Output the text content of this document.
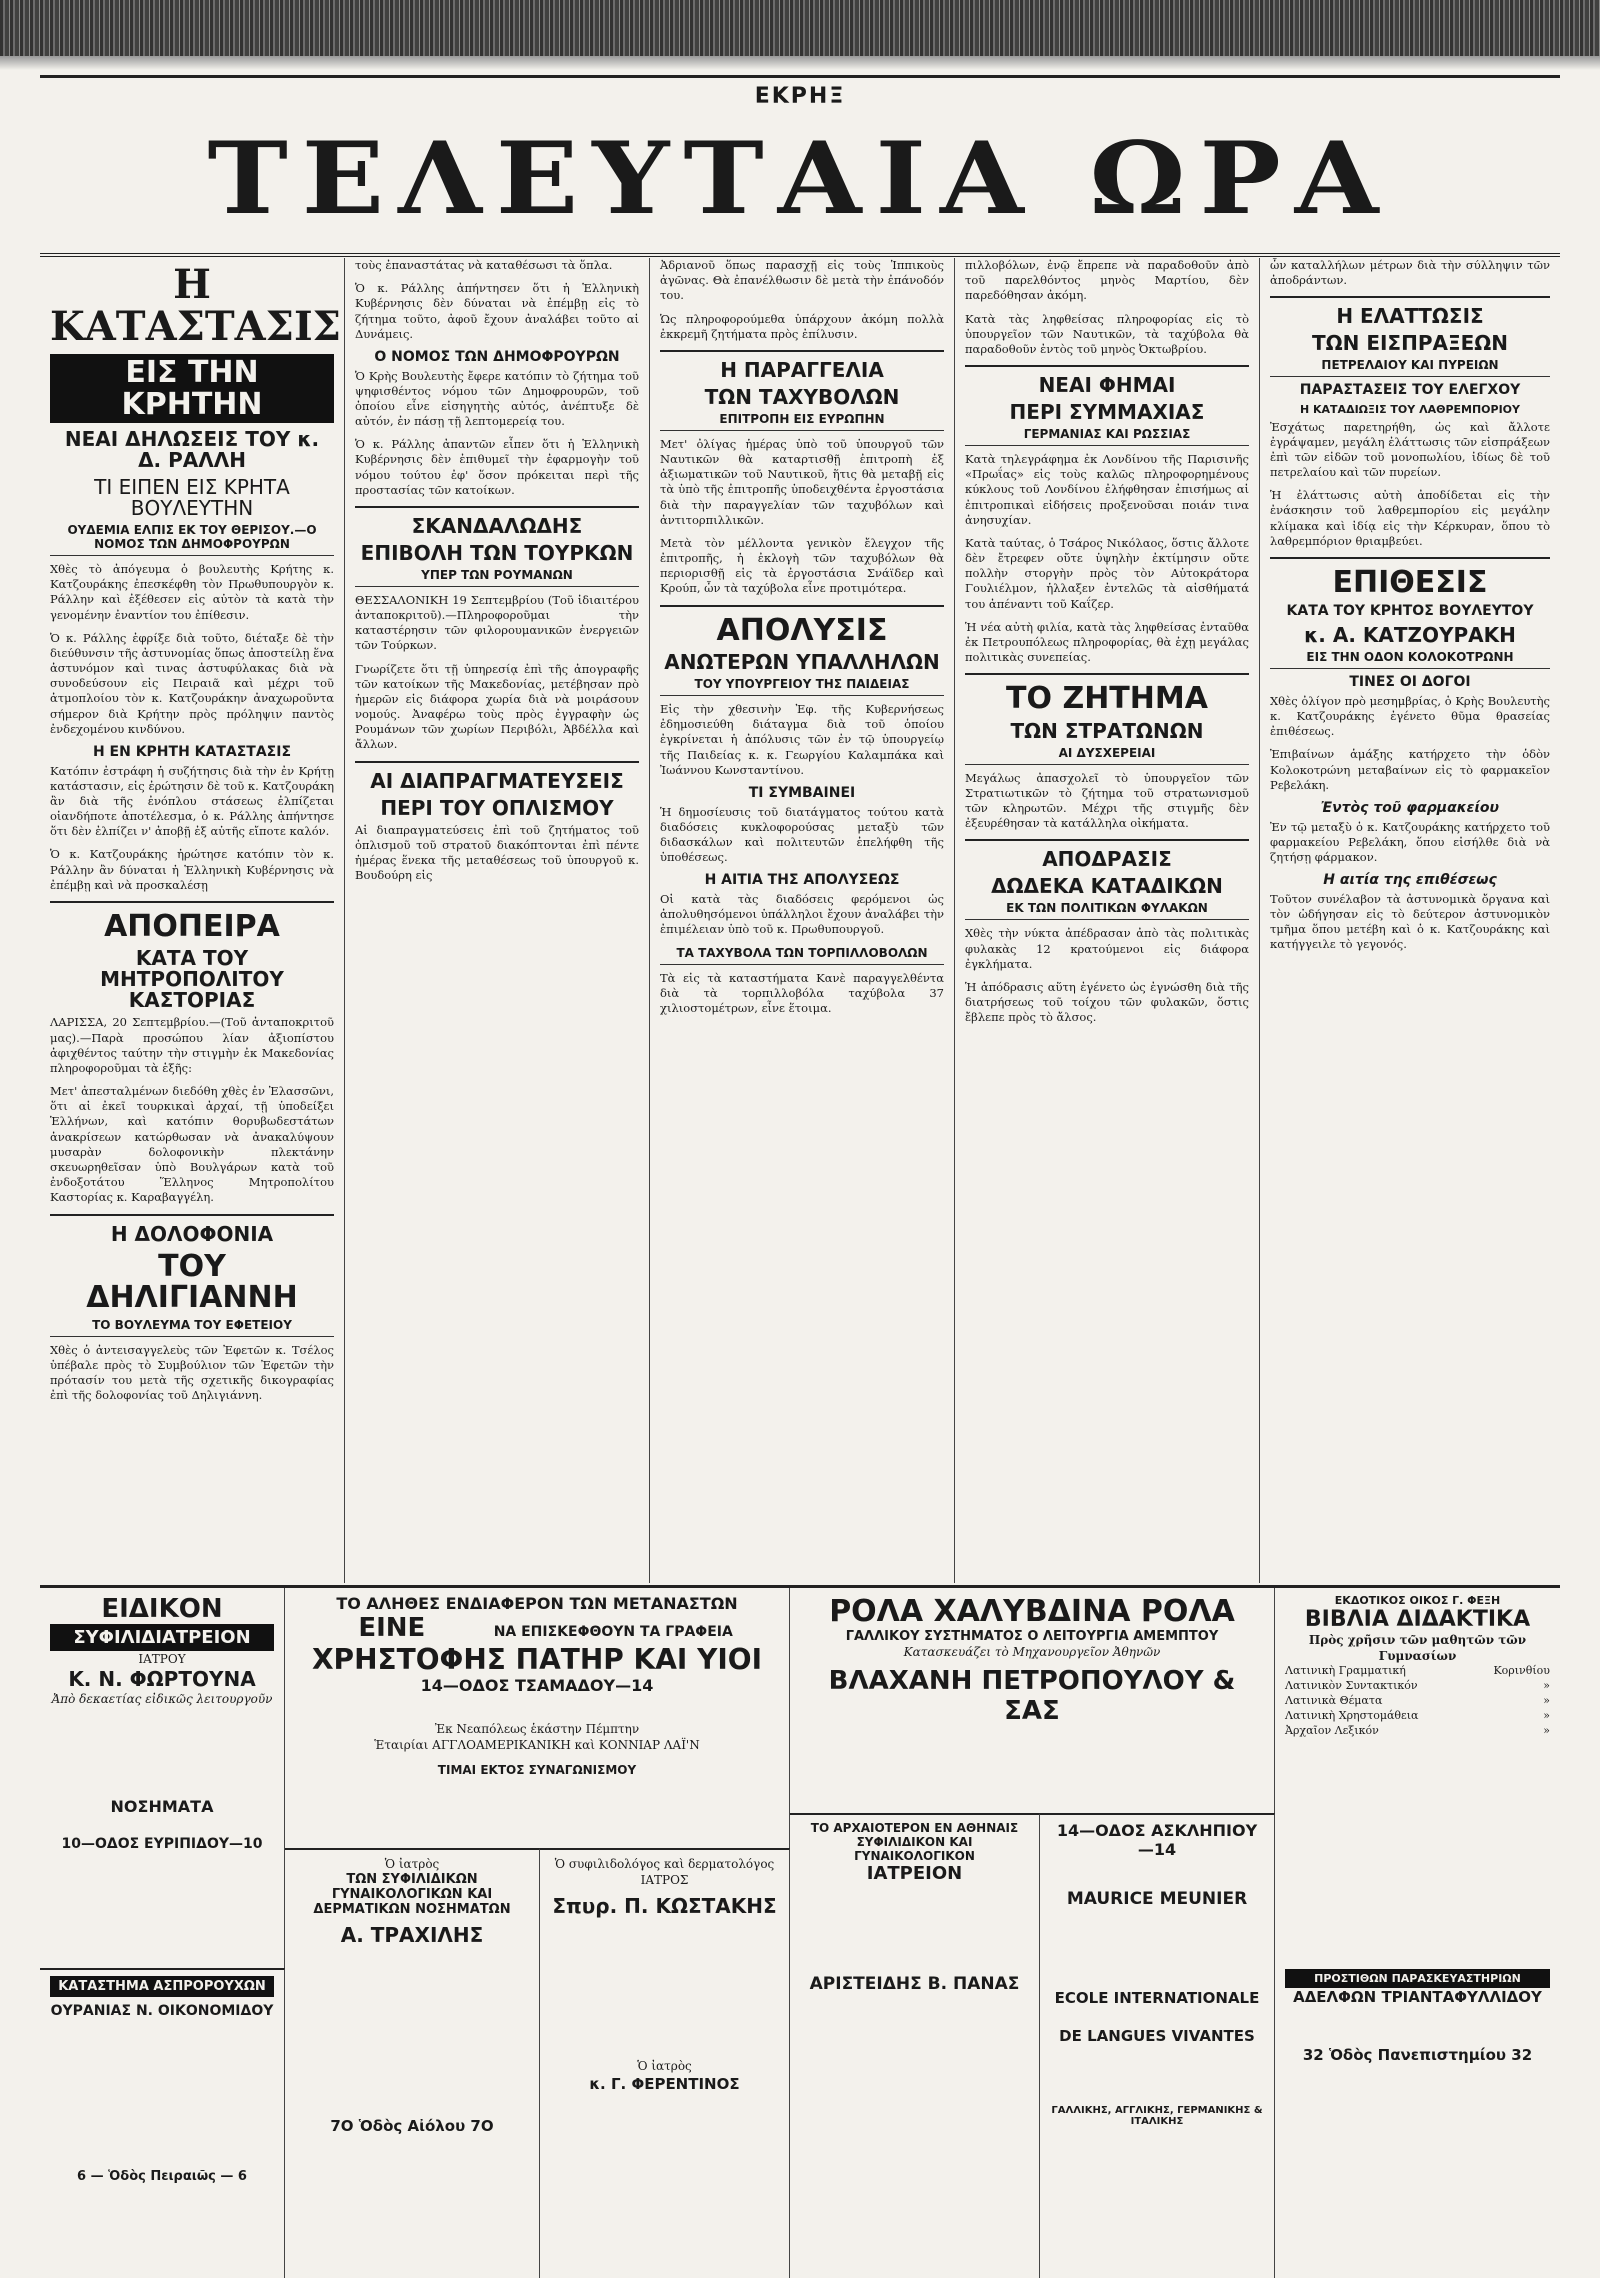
ΕΚΡΗΞ
ΤΕΛΕΥΤΑΙΑ ΩΡΑ
Η ΚΑΤΑΣΤΑΣΙΣ
ΕΙΣ ΤΗΝ ΚΡΗΤΗΝ
ΝΕΑΙ ΔΗΛΩΣΕΙΣ ΤΟΥ κ. Δ. ΡΑΛΛΗ
ΤΙ ΕΙΠΕΝ ΕΙΣ ΚΡΗΤΑ ΒΟΥΛΕΥΤΗΝ
ΟΥΔΕΜΙΑ ΕΛΠΙΣ ΕΚ ΤΟΥ ΘΕΡΙΣΟΥ.—Ο ΝΟΜΟΣ ΤΩΝ ΔΗΜΟΦΡΟΥΡΩΝ

Χθὲς τὸ ἀπόγευμα ὁ βουλευτὴς Κρήτης κ. Κατζουράκης ἐπεσκέφθη τὸν Πρωθυπουργὸν κ. Ράλλην καὶ ἐξέθεσεν εἰς αὐτὸν τὰ κατὰ τὴν γενομένην ἐναντίον του ἐπίθεσιν.

Ὁ κ. Ράλλης ἐφρίξε διὰ τοῦτο, διέταξε δὲ τὴν διεύθυνσιν τῆς ἀστυνομίας ὅπως ἀποστείλῃ ἕνα ἀστυνόμον καὶ τινας ἀστυφύλακας διὰ νὰ συνοδεύσουν εἰς Πειραιᾶ καὶ μέχρι τοῦ ἀτμοπλοίου τὸν κ. Κατζουράκην ἀναχωροῦντα σήμερον διὰ Κρήτην πρὸς πρόληψιν παντὸς ἐνδεχομένου κινδύνου.

Η ΕΝ ΚΡΗΤΗ ΚΑΤΑΣΤΑΣΙΣ

Κατόπιν ἐστράφη ἡ συζήτησις διὰ τὴν ἐν Κρήτῃ κατάστασιν, εἰς ἐρώτησιν δὲ τοῦ κ. Κατζουράκη ἂν διὰ τῆς ἐνόπλου στάσεως ἐλπίζεται οἱανδήποτε ἀποτέλεσμα, ὁ κ. Ράλλης ἀπήντησε ὅτι δὲν ἐλπίζει ν' ἀποβῇ ἐξ αὐτῆς εἴποτε καλόν.

Ὁ κ. Κατζουράκης ἠρώτησε κατόπιν τὸν κ. Ράλλην ἂν δύναται ἡ Ἑλληνικὴ Κυβέρνησις νὰ ἐπέμβῃ καὶ νὰ προσκαλέσῃ

ΑΠΟΠΕΙΡΑ
ΚΑΤΑ ΤΟΥ ΜΗΤΡΟΠΟΛΙΤΟΥ ΚΑΣΤΟΡΙΑΣ

ΛΑΡΙΣΣΑ, 20 Σεπτεμβρίου.—(Τοῦ ἀνταποκριτοῦ μας).—Παρὰ προσώπου λίαν ἀξιοπίστου ἀφιχθέντος ταύτην τὴν στιγμὴν ἐκ Μακεδονίας πληροφοροῦμαι τὰ ἑξῆς:

Μετ' ἀπεσταλμένων διεδόθη χθὲς ἐν Ἐλασσῶνι, ὅτι αἱ ἐκεῖ τουρκικαὶ ἀρχαί, τῇ ὑποδείξει Ἑλλήνων, καὶ κατόπιν θορυβωδεστάτων ἀνακρίσεων κατώρθωσαν νὰ ἀνακαλύψουν μυσαρὰν δολοφονικὴν πλεκτάνην σκευωρηθεῖσαν ὑπὸ Βουλγάρων κατὰ τοῦ ἐνδοξοτάτου Ἕλληνος Μητροπολίτου Καστορίας κ. Καραβαγγέλη.

Η ΔΟΛΟΦΟΝΙΑ
ΤΟΥ ΔΗΛΙΓΙΑΝΝΗ
ΤΟ ΒΟΥΛΕΥΜΑ ΤΟΥ ΕΦΕΤΕΙΟΥ

Χθὲς ὁ ἀντεισαγγελεὺς τῶν Ἐφετῶν κ. Τσέλος ὑπέβαλε πρὸς τὸ Συμβούλιον τῶν Ἐφετῶν τὴν πρότασίν του μετὰ τῆς σχετικῆς δικογραφίας ἐπὶ τῆς δολοφονίας τοῦ Δηλιγιάννη.

τοὺς ἐπαναστάτας νὰ καταθέσωσι τὰ ὅπλα.

Ὁ κ. Ράλλης ἀπήντησεν ὅτι ἡ Ἑλληνικὴ Κυβέρνησις δὲν δύναται νὰ ἐπέμβῃ εἰς τὸ ζήτημα τοῦτο, ἀφοῦ ἔχουν ἀναλάβει τοῦτο αἱ Δυνάμεις.

Ο ΝΟΜΟΣ ΤΩΝ ΔΗΜΟΦΡΟΥΡΩΝ

Ὁ Κρὴς Βουλευτὴς ἔφερε κατόπιν τὸ ζήτημα τοῦ ψηφισθέντος νόμου τῶν Δημοφρουρῶν, τοῦ ὁποίου εἶνε εἰσηγητὴς αὐτός, ἀνέπτυξε δὲ αὐτόν, ἐν πάσῃ τῇ λεπτομερείᾳ του.

Ὁ κ. Ράλλης ἀπαντῶν εἶπεν ὅτι ἡ Ἑλληνικὴ Κυβέρνησις δὲν ἐπιθυμεῖ τὴν ἐφαρμογὴν τοῦ νόμου τούτου ἐφ' ὅσον πρόκειται περὶ τῆς προστασίας τῶν κατοίκων.

ΣΚΑΝΔΑΛΩΔΗΣ
ΕΠΙΒΟΛΗ ΤΩΝ ΤΟΥΡΚΩΝ
ΥΠΕΡ ΤΩΝ ΡΟΥΜΑΝΩΝ

ΘΕΣΣΑΛΟΝΙΚΗ 19 Σεπτεμβρίου (Τοῦ ἰδιαιτέρου ἀνταποκριτοῦ).—Πληροφοροῦμαι τὴν καταστέρησιν τῶν φιλορουμανικῶν ἐνεργειῶν τῶν Τούρκων.

Γνωρίζετε ὅτι τῇ ὑπηρεσίᾳ ἐπὶ τῆς ἀπογραφῆς τῶν κατοίκων τῆς Μακεδονίας, μετέβησαν πρὸ ἡμερῶν εἰς διάφορα χωρία διὰ νὰ μοιράσουν νομούς. Ἀναφέρω τοὺς πρὸς ἐγγραφὴν ὡς Ρουμάνων τῶν χωρίων Περιβόλι, Ἀβδέλλα καὶ ἄλλων.

ΑΙ ΔΙΑΠΡΑΓΜΑΤΕΥΣΕΙΣ
ΠΕΡΙ ΤΟΥ ΟΠΛΙΣΜΟΥ

Αἱ διαπραγματεύσεις ἐπὶ τοῦ ζητήματος τοῦ ὁπλισμοῦ τοῦ στρατοῦ διακόπτονται ἐπὶ πέντε ἡμέρας ἕνεκα τῆς μεταθέσεως τοῦ ὑπουργοῦ κ. Βουδούρη εἰς

Ἀδριανοῦ ὅπως παρασχῇ εἰς τοὺς Ἱππικοὺς ἀγῶνας. Θὰ ἐπανέλθωσιν δὲ μετὰ τὴν ἐπάνοδόν του.

Ὡς πληροφορούμεθα ὑπάρχουν ἀκόμη πολλὰ ἐκκρεμῆ ζητήματα πρὸς ἐπίλυσιν.

Η ΠΑΡΑΓΓΕΛΙΑ
ΤΩΝ ΤΑΧΥΒΟΛΩΝ
ΕΠΙΤΡΟΠΗ ΕΙΣ ΕΥΡΩΠΗΝ

Μετ' ὀλίγας ἡμέρας ὑπὸ τοῦ ὑπουργοῦ τῶν Ναυτικῶν θὰ καταρτισθῇ ἐπιτροπὴ ἐξ ἀξιωματικῶν τοῦ Ναυτικοῦ, ἥτις θὰ μεταβῇ εἰς τὰ ὑπὸ τῆς ἐπιτροπῆς ὑποδειχθέντα ἐργοστάσια διὰ τὴν παραγγελίαν τῶν ταχυβόλων καὶ ἀντιτορπιλλικῶν.

Μετὰ τὸν μέλλοντα γενικὸν ἔλεγχον τῆς ἐπιτροπῆς, ἡ ἐκλογὴ τῶν ταχυβόλων θὰ περιορισθῇ εἰς τὰ ἐργοστάσια Σνάϊδερ καὶ Κρούπ, ὧν τὰ ταχύβολα εἶνε προτιμότερα.

ΑΠΟΛΥΣΙΣ
ΑΝΩΤΕΡΩΝ ΥΠΑΛΛΗΛΩΝ
ΤΟΥ ΥΠΟΥΡΓΕΙΟΥ ΤΗΣ ΠΑΙΔΕΙΑΣ

Εἰς τὴν χθεσινὴν Ἐφ. τῆς Κυβερνήσεως ἐδημοσιεύθη διάταγμα διὰ τοῦ ὁποίου ἐγκρίνεται ἡ ἀπόλυσις τῶν ἐν τῷ ὑπουργείῳ τῆς Παιδείας κ. κ. Γεωργίου Καλαμπάκα καὶ Ἰωάννου Κωνσταντίνου.

ΤΙ ΣΥΜΒΑΙΝΕΙ

Ἡ δημοσίευσις τοῦ διατάγματος τούτου κατὰ διαδόσεις κυκλοφορούσας μεταξὺ τῶν διδασκάλων καὶ πολιτευτῶν ἐπελήφθη τῆς ὑποθέσεως.

Η ΑΙΤΙΑ ΤΗΣ ΑΠΟΛΥΣΕΩΣ

Οἱ κατὰ τὰς διαδόσεις φερόμενοι ὡς ἀπολυθησόμενοι ὑπάλληλοι ἔχουν ἀναλάβει τὴν ἐπιμέλειαν ὑπὸ τοῦ κ. Πρωθυπουργοῦ.

ΤΑ ΤΑΧΥΒΟΛΑ ΤΩΝ ΤΟΡΠΙΛΛΟΒΟΛΩΝ

Τὰ εἰς τὰ καταστήματα Κανὲ παραγγελθέντα διὰ τὰ τορπιλλοβόλα ταχύβολα 37 χιλιοστομέτρων, εἶνε ἕτοιμα.

πιλλοβόλων, ἐνῷ ἔπρεπε νὰ παραδοθοῦν ἀπὸ τοῦ παρελθόντος μηνὸς Μαρτίου, δὲν παρεδόθησαν ἀκόμη.

Κατὰ τὰς ληφθείσας πληροφορίας εἰς τὸ ὑπουργεῖον τῶν Ναυτικῶν, τὰ ταχύβολα θὰ παραδοθοῦν ἐντὸς τοῦ μηνὸς Ὀκτωβρίου.

ΝΕΑΙ ΦΗΜΑΙ
ΠΕΡΙ ΣΥΜΜΑΧΙΑΣ
ΓΕΡΜΑΝΙΑΣ ΚΑΙ ΡΩΣΣΙΑΣ

Κατὰ τηλεγράφημα ἐκ Λονδίνου τῆς Παρισινῆς «Πρωΐας» εἰς τοὺς καλῶς πληροφορημένους κύκλους τοῦ Λονδίνου ἐλήφθησαν ἐπισήμως αἱ ἐπιτροπικαὶ εἰδήσεις προξενοῦσαι ποιάν τινα ἀνησυχίαν.

Κατὰ ταύτας, ὁ Τσάρος Νικόλαος, ὅστις ἄλλοτε δὲν ἔτρεφεν οὔτε ὑψηλὴν ἐκτίμησιν οὔτε πολλὴν στοργὴν πρὸς τὸν Αὐτοκράτορα Γουλιέλμον, ἡλλαξεν ἐντελῶς τὰ αἰσθήματά του ἀπέναντι τοῦ Καΐζερ.

Ἡ νέα αὐτὴ φιλία, κατὰ τὰς ληφθείσας ἐνταῦθα ἐκ Πετρουπόλεως πληροφορίας, θὰ ἐχῃ μεγάλας πολιτικὰς συνεπείας.

ΤΟ ΖΗΤΗΜΑ
ΤΩΝ ΣΤΡΑΤΩΝΩΝ
ΑΙ ΔΥΣΧΕΡΕΙΑΙ

Μεγάλως ἀπασχολεῖ τὸ ὑπουργεῖον τῶν Στρατιωτικῶν τὸ ζήτημα τοῦ στρατωνισμοῦ τῶν κληρωτῶν. Μέχρι τῆς στιγμῆς δὲν ἐξευρέθησαν τὰ κατάλληλα οἰκήματα.

ΑΠΟΔΡΑΣΙΣ
ΔΩΔΕΚΑ ΚΑΤΑΔΙΚΩΝ
ΕΚ ΤΩΝ ΠΟΛΙΤΙΚΩΝ ΦΥΛΑΚΩΝ

Χθὲς τὴν νύκτα ἀπέδρασαν ἀπὸ τὰς πολιτικὰς φυλακὰς 12 κρατούμενοι εἰς διάφορα ἐγκλήματα.

Ἡ ἀπόδρασις αὕτη ἐγένετο ὡς ἐγνώσθη διὰ τῆς διατρήσεως τοῦ τοίχου τῶν φυλακῶν, ὅστις ἔβλεπε πρὸς τὸ ἄλσος.

ὧν καταλλήλων μέτρων διὰ τὴν σύλληψιν τῶν ἀποδράντων.

Η ΕΛΑΤΤΩΣΙΣ
ΤΩΝ ΕΙΣΠΡΑΞΕΩΝ
ΠΕΤΡΕΛΑΙΟΥ ΚΑΙ ΠΥΡΕΙΩΝ
ΠΑΡΑΣΤΑΣΕΙΣ ΤΟΥ ΕΛΕΓΧΟΥ
Η ΚΑΤΑΔΙΩΞΙΣ ΤΟΥ ΛΑΘΡΕΜΠΟΡΙΟΥ

Ἐσχάτως παρετηρήθη, ὡς καὶ ἄλλοτε ἐγράψαμεν, μεγάλη ἐλάττωσις τῶν εἰσπράξεων ἐπὶ τῶν εἰδῶν τοῦ μονοπωλίου, ἰδίως δὲ τοῦ πετρελαίου καὶ τῶν πυρείων.

Ἡ ἐλάττωσις αὐτὴ ἀποδίδεται εἰς τὴν ἐνάσκησιν τοῦ λαθρεμπορίου εἰς μεγάλην κλίμακα καὶ ἰδίᾳ εἰς τὴν Κέρκυραν, ὅπου τὸ λαθρεμπόριον θριαμβεύει.

ΕΠΙΘΕΣΙΣ
ΚΑΤΑ ΤΟΥ ΚΡΗΤΟΣ ΒΟΥΛΕΥΤΟΥ
κ. Α. ΚΑΤΖΟΥΡΑΚΗ
ΕΙΣ ΤΗΝ ΟΔΟΝ ΚΟΛΟΚΟΤΡΩΝΗ
ΤΙΝΕΣ ΟΙ ΔΟΓΟΙ

Χθὲς ὀλίγον πρὸ μεσημβρίας, ὁ Κρὴς Βουλευτὴς κ. Κατζουράκης ἐγένετο θῦμα θρασείας ἐπιθέσεως.

Ἐπιβαίνων ἁμάξης κατήρχετο τὴν ὁδὸν Κολοκοτρώνη μεταβαίνων εἰς τὸ φαρμακεῖον Ρεβελάκη.

Ἐντὸς τοῦ φαρμακείου

Ἐν τῷ μεταξὺ ὁ κ. Κατζουράκης κατήρχετο τοῦ φαρμακείου Ρεβελάκη, ὅπου εἰσήλθε διὰ νὰ ζητήσῃ φάρμακον.

Η αιτία της επιθέσεως

Τοῦτον συνέλαβον τὰ ἀστυνομικὰ ὄργανα καὶ τὸν ὡδήγησαν εἰς τὸ δεύτερον ἀστυνομικὸν τμῆμα ὅπου μετέβη καὶ ὁ κ. Κατζουράκης καὶ κατήγγειλε τὸ γεγονός.

ΕΙΔΙΚΟΝ
ΣΥΦΙΛΙΔΙΑΤΡΕΙΟΝ
ΙΑΤΡΟΥ
Κ. Ν. ΦΩΡΤΟΥΝΑ
Ἀπὸ δεκαετίας εἰδικῶς λειτουργοῦν
ΝΟΣΗΜΑΤΑ
10—ΟΔΟΣ ΕΥΡΙΠΙΔΟΥ—10
ΚΑΤΑΣΤΗΜΑ ΑΣΠΡΟΡΟΥΧΩΝ
ΟΥΡΑΝΙΑΣ Ν. ΟΙΚΟΝΟΜΙΔΟΥ
6 — Ὁδὸς Πειραιῶς — 6
ΤΟ ΑΛΗΘΕΣ ΕΝΔΙΑΦΕΡΟΝ ΤΩΝ ΜΕΤΑΝΑΣΤΩΝ
ΕΙΝΕ	ΝΑ ΕΠΙΣΚΕΦΘΟΥΝ ΤΑ ΓΡΑΦΕΙΑ
ΧΡΗΣΤΟΦΗΣ ΠΑΤΗΡ ΚΑΙ ΥΙΟΙ
14—ΟΔΟΣ ΤΣΑΜΑΔΟΥ—14
Ἐκ Νεαπόλεως ἑκάστην Πέμπτην
Ἑταιρίαι ΑΓΓΛΟΑΜΕΡΙΚΑΝΙΚΗ καὶ ΚΟΝΝΙΑΡ ΛΑΪ'Ν
ΤΙΜΑΙ ΕΚΤΟΣ ΣΥΝΑΓΩΝΙΣΜΟΥ
Ὁ ἰατρὸς
ΤΩΝ ΣΥΦΙΛΙΔΙΚΩΝ ΓΥΝΑΙΚΟΛΟΓΙΚΩΝ ΚΑΙ ΔΕΡΜΑΤΙΚΩΝ ΝΟΣΗΜΑΤΩΝ
Α. ΤΡΑΧΙΛΗΣ
7Ο Ὁδὸς Αἰόλου 7Ο
Ὁ συφιλιδολόγος καὶ δερματολόγος ΙΑΤΡΟΣ
Σπυρ. Π. ΚΩΣΤΑΚΗΣ
Ὁ ἰατρὸς
κ. Γ. ΦΕΡΕΝΤΙΝΟΣ
ΡΟΛΑ ΧΑΛΥΒΔΙΝΑ ΡΟΛΑ
ΓΑΛΛΙΚΟΥ ΣΥΣΤΗΜΑΤΟΣ Ο ΛΕΙΤΟΥΡΓΙΑ ΑΜΕΜΠΤΟΥ
Κατασκευάζει τὸ Μηχανουργεῖον Ἀθηνῶν
ΒΛΑΧΑΝΗ ΠΕΤΡΟΠΟΥΛΟΥ & ΣΑΣ
ΤΟ ΑΡΧΑΙΟΤΕΡΟΝ ΕΝ ΑΘΗΝΑΙΣ ΣΥΦΙΛΙΔΙΚΟΝ ΚΑΙ ΓΥΝΑΙΚΟΛΟΓΙΚΟΝ
ΙΑΤΡΕΙΟΝ
ΑΡΙΣΤΕΙΔΗΣ Β. ΠΑΝΑΣ
14—ΟΔΟΣ ΑΣΚΛΗΠΙΟΥ—14
MAURICE MEUNIER
ECOLE INTERNATIONALE
DE LANGUES VIVANTES
ΓΑΛΛΙΚΗΣ, ΑΓΓΛΙΚΗΣ, ΓΕΡΜΑΝΙΚΗΣ & ΙΤΑΛΙΚΗΣ
ΕΚΔΟΤΙΚΟΣ ΟΙΚΟΣ Γ. ΦΕΞΗ
ΒΙΒΛΙΑ ΔΙΔΑΚΤΙΚΑ
Πρὸς χρῆσιν τῶν μαθητῶν τῶν Γυμνασίων
Λατινικὴ Γραμματική	Κορινθίου
Λατινικὸν Συντακτικόν	»
Λατινικὰ Θέματα	»
Λατινικὴ Χρηστομάθεια	»
Ἀρχαῖον Λεξικόν	»
ΠΡΟΣΤΙΘΩΝ ΠΑΡΑΣΚΕΥΑΣΤΗΡΙΩΝ
ΑΔΕΛΦΩΝ ΤΡΙΑΝΤΑΦΥΛΛΙΔΟΥ
32 Ὁδὸς Πανεπιστημίου 32
